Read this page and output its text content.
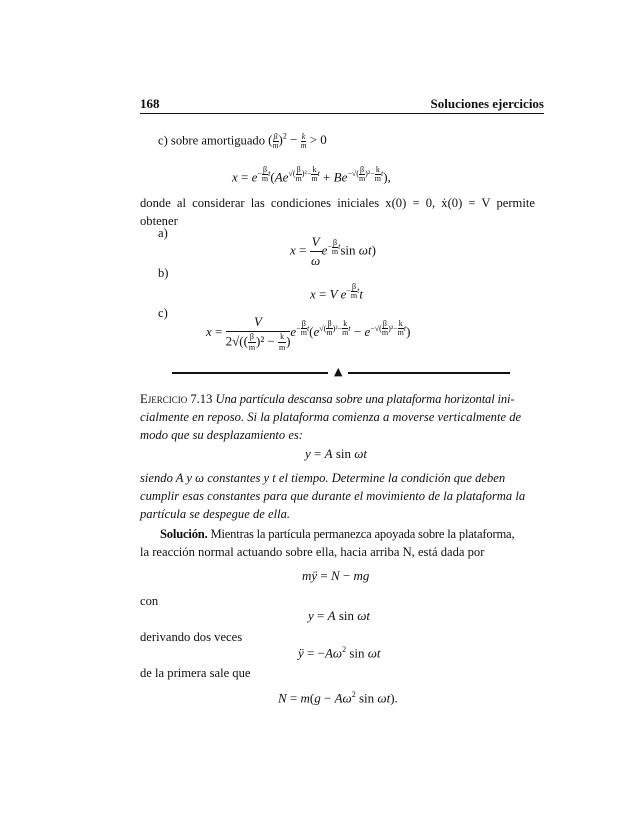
168	Soluciones ejercicios
c) sobre amortiguado ( $\frac{\beta}{m} )^2 - \frac{k}{m} > 0$
$x = e^{- \frac{\beta}{m} t}(Ae^{√( \frac{\beta}{m} )^2- \frac{k}{m} t} + Be^{-√( \frac{\beta}{m} )^2- \frac{k}{m} t})$,
donde al considerar las condiciones iniciales x(0) = 0, ẋ(0) = V permite
obtener
a)
$x = \frac{V}{\omega} e^{- \frac{\beta}{m} t}\sin$ ωt)
b)
x = V $e^{- \frac{\beta}{m} t}t$
c)
$x = \frac{V}{2√(( \frac{\beta}{m} )^2 - \frac{k}{m} )} e^{- \frac{\beta}{m} t}(e^{√( \frac{\beta}{m} )^2- \frac{k}{m} t} - e^{-√( \frac{\beta}{m} )^2- \frac{k}{m} t})$
▲
Ejercicio 7.13 Una partícula descansa sobre una plataforma horizontal ini-
cialmente en reposo. Si la plataforma comienza a moverse verticalmente de
modo que su desplazamiento es:
y = A sin ωt
siendo A y ω constantes y t el tiempo. Determine la condición que deben
cumplir esas constantes para que durante el movimiento de la plataforma la
partícula se despegue de ella.
Solución. Mientras la partícula permanezca apoyada sobre la plataforma,
la reacción normal actuando sobre ella, hacia arriba N, está dada por
mÿ = N − mg
con
y = A sin ωt
derivando dos veces
ÿ = $-A\omega^2$ sin ωt
de la primera sale que
$N = m(g - A\omega^2$ sin ωt).
